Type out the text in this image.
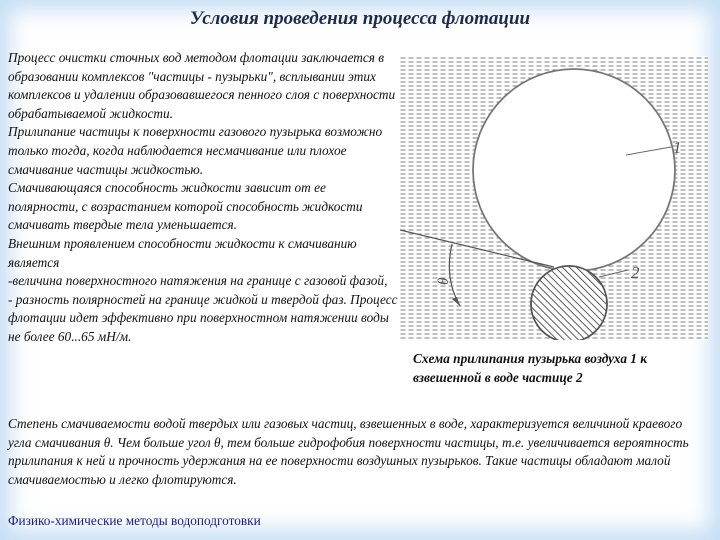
Условия проведения процесса флотации

Процесс очистки сточных вод методом флотации заключается в образовании комплексов "частицы - пузырьки", всплывании этих комплексов и удалении образовавшегося пенного слоя с поверхности обрабатываемой жидкости.

Прилипание частицы к поверхности газового пузырька возможно только тогда, когда наблюдается несмачивание или плохое смачивание частицы жидкостью.

Смачивающаяся способность жидкости зависит от ее полярности, с возрастанием которой способность жидкости смачивать твердые тела уменьшается.

Внешним проявлением способности жидкости к смачиванию является

-величина поверхностного натяжения на границе с газовой фазой,

- разность полярностей на границе жидкой и твердой фаз. Процесс флотации идет эффективно при поверхностном натяжении воды не более 60...65 мН/м.

1
2
θ
Схема прилипания пузырька воздуха 1 к взвешенной в воде частице 2

Степень смачиваемости водой твердых или газовых частиц, взвешенных в воде, характеризуется величиной краевого угла смачивания θ. Чем больше угол θ, тем больше гидрофобия поверхности частицы, т.е. увеличивается вероятность прилипания к ней и прочность удержания на ее поверхности воздушных пузырьков. Такие частицы обладают малой смачиваемостью и легко флотируются.

Физико-химические методы водоподготовки
